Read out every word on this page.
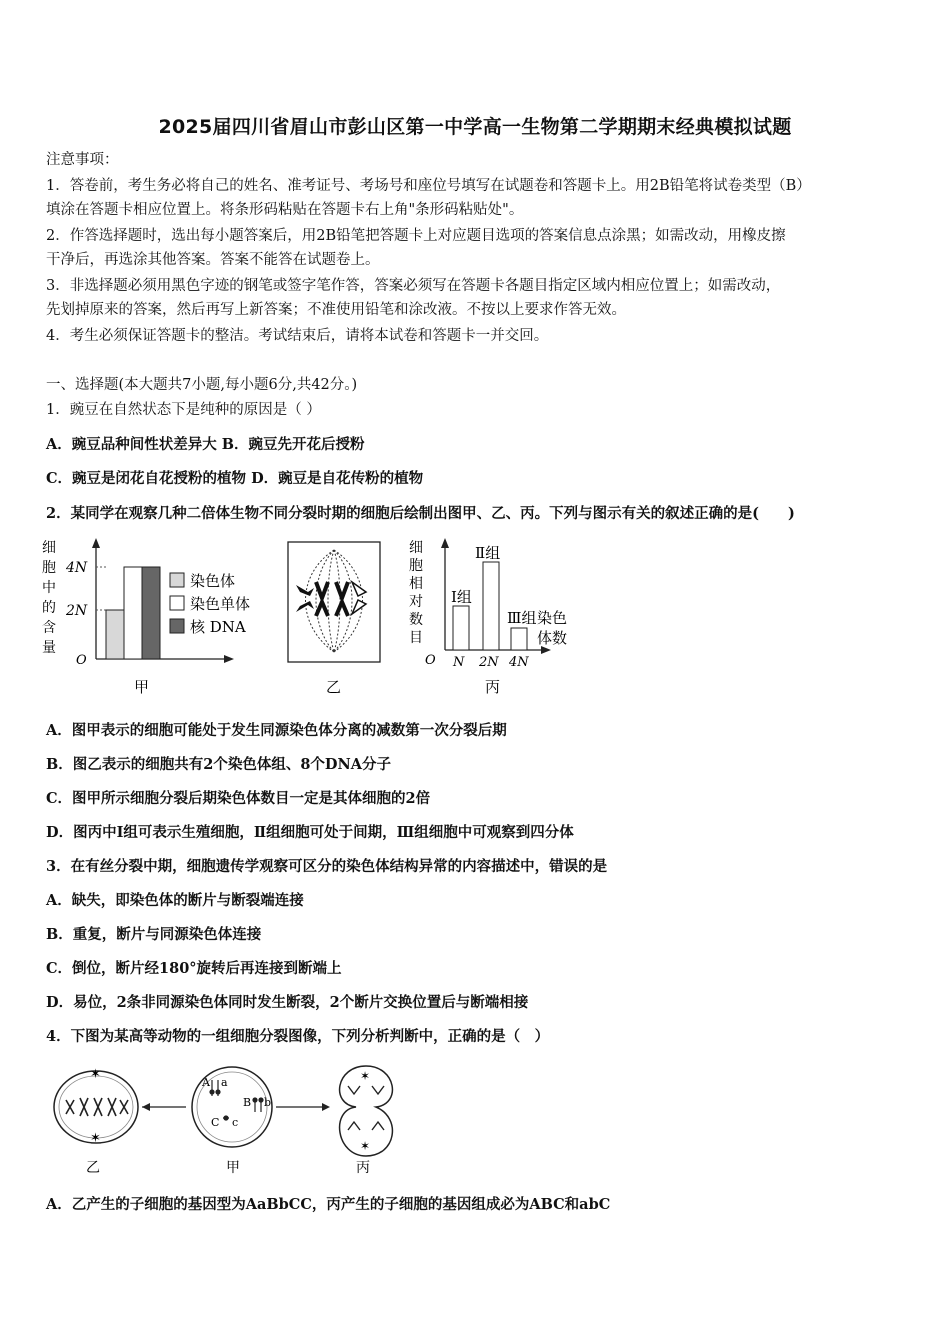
2025届四川省眉山市彭山区第一中学高一生物第二学期期末经典模拟试题
注意事项：
1．答卷前，考生务必将自己的姓名、准考证号、考场号和座位号填写在试题卷和答题卡上。用2B铅笔将试卷类型（B）
填涂在答题卡相应位置上。将条形码粘贴在答题卡右上角"条形码粘贴处"。
2．作答选择题时，选出每小题答案后，用2B铅笔把答题卡上对应题目选项的答案信息点涂黑；如需改动，用橡皮擦
干净后，再选涂其他答案。答案不能答在试题卷上。
3．非选择题必须用黑色字迹的钢笔或签字笔作答，答案必须写在答题卡各题目指定区域内相应位置上；如需改动，
先划掉原来的答案，然后再写上新答案；不准使用铅笔和涂改液。不按以上要求作答无效。
4．考生必须保证答题卡的整洁。考试结束后，请将本试卷和答题卡一并交回。
一、选择题(本大题共7小题,每小题6分,共42分。)
1．豌豆在自然状态下是纯种的原因是（ ）
A．豌豆品种间性状差异大 B．豌豆先开花后授粉
C．豌豆是闭花自花授粉的植物 D．豌豆是自花传粉的植物
2．某同学在观察几种二倍体生物不同分裂时期的细胞后绘制出图甲、乙、丙。下列与图示有关的叙述正确的是(　　)
细
胞
中
的
含
量
4N
2N
O
染色体
染色单体
核 DNA
甲	乙
细
胞
相
对
数
目
Ⅰ组
Ⅱ组
Ⅲ组 染色
体数
N 2N 4N
O
丙
A．图甲表示的细胞可能处于发生同源染色体分离的减数第一次分裂后期
B．图乙表示的细胞共有2个染色体组、8个DNA分子
C．图甲所示细胞分裂后期染色体数目一定是其体细胞的2倍
D．图丙中Ⅰ组可表示生殖细胞，Ⅱ组细胞可处于间期，Ⅲ组细胞中可观察到四分体
3．在有丝分裂中期，细胞遗传学观察可区分的染色体结构异常的内容描述中，错误的是
A．缺失，即染色体的断片与断裂端连接
B．重复，断片与同源染色体连接
C．倒位，断片经180°旋转后再连接到断端上
D．易位，2条非同源染色体同时发生断裂，2个断片交换位置后与断端相接
4．下图为某高等动物的一组细胞分裂图像，下列分析判断中，正确的是（　）
✶
✶
乙
A a
B b
C c
甲
✶
✶
丙
A．乙产生的子细胞的基因型为AaBbCC，丙产生的子细胞的基因组成必为ABC和abC
